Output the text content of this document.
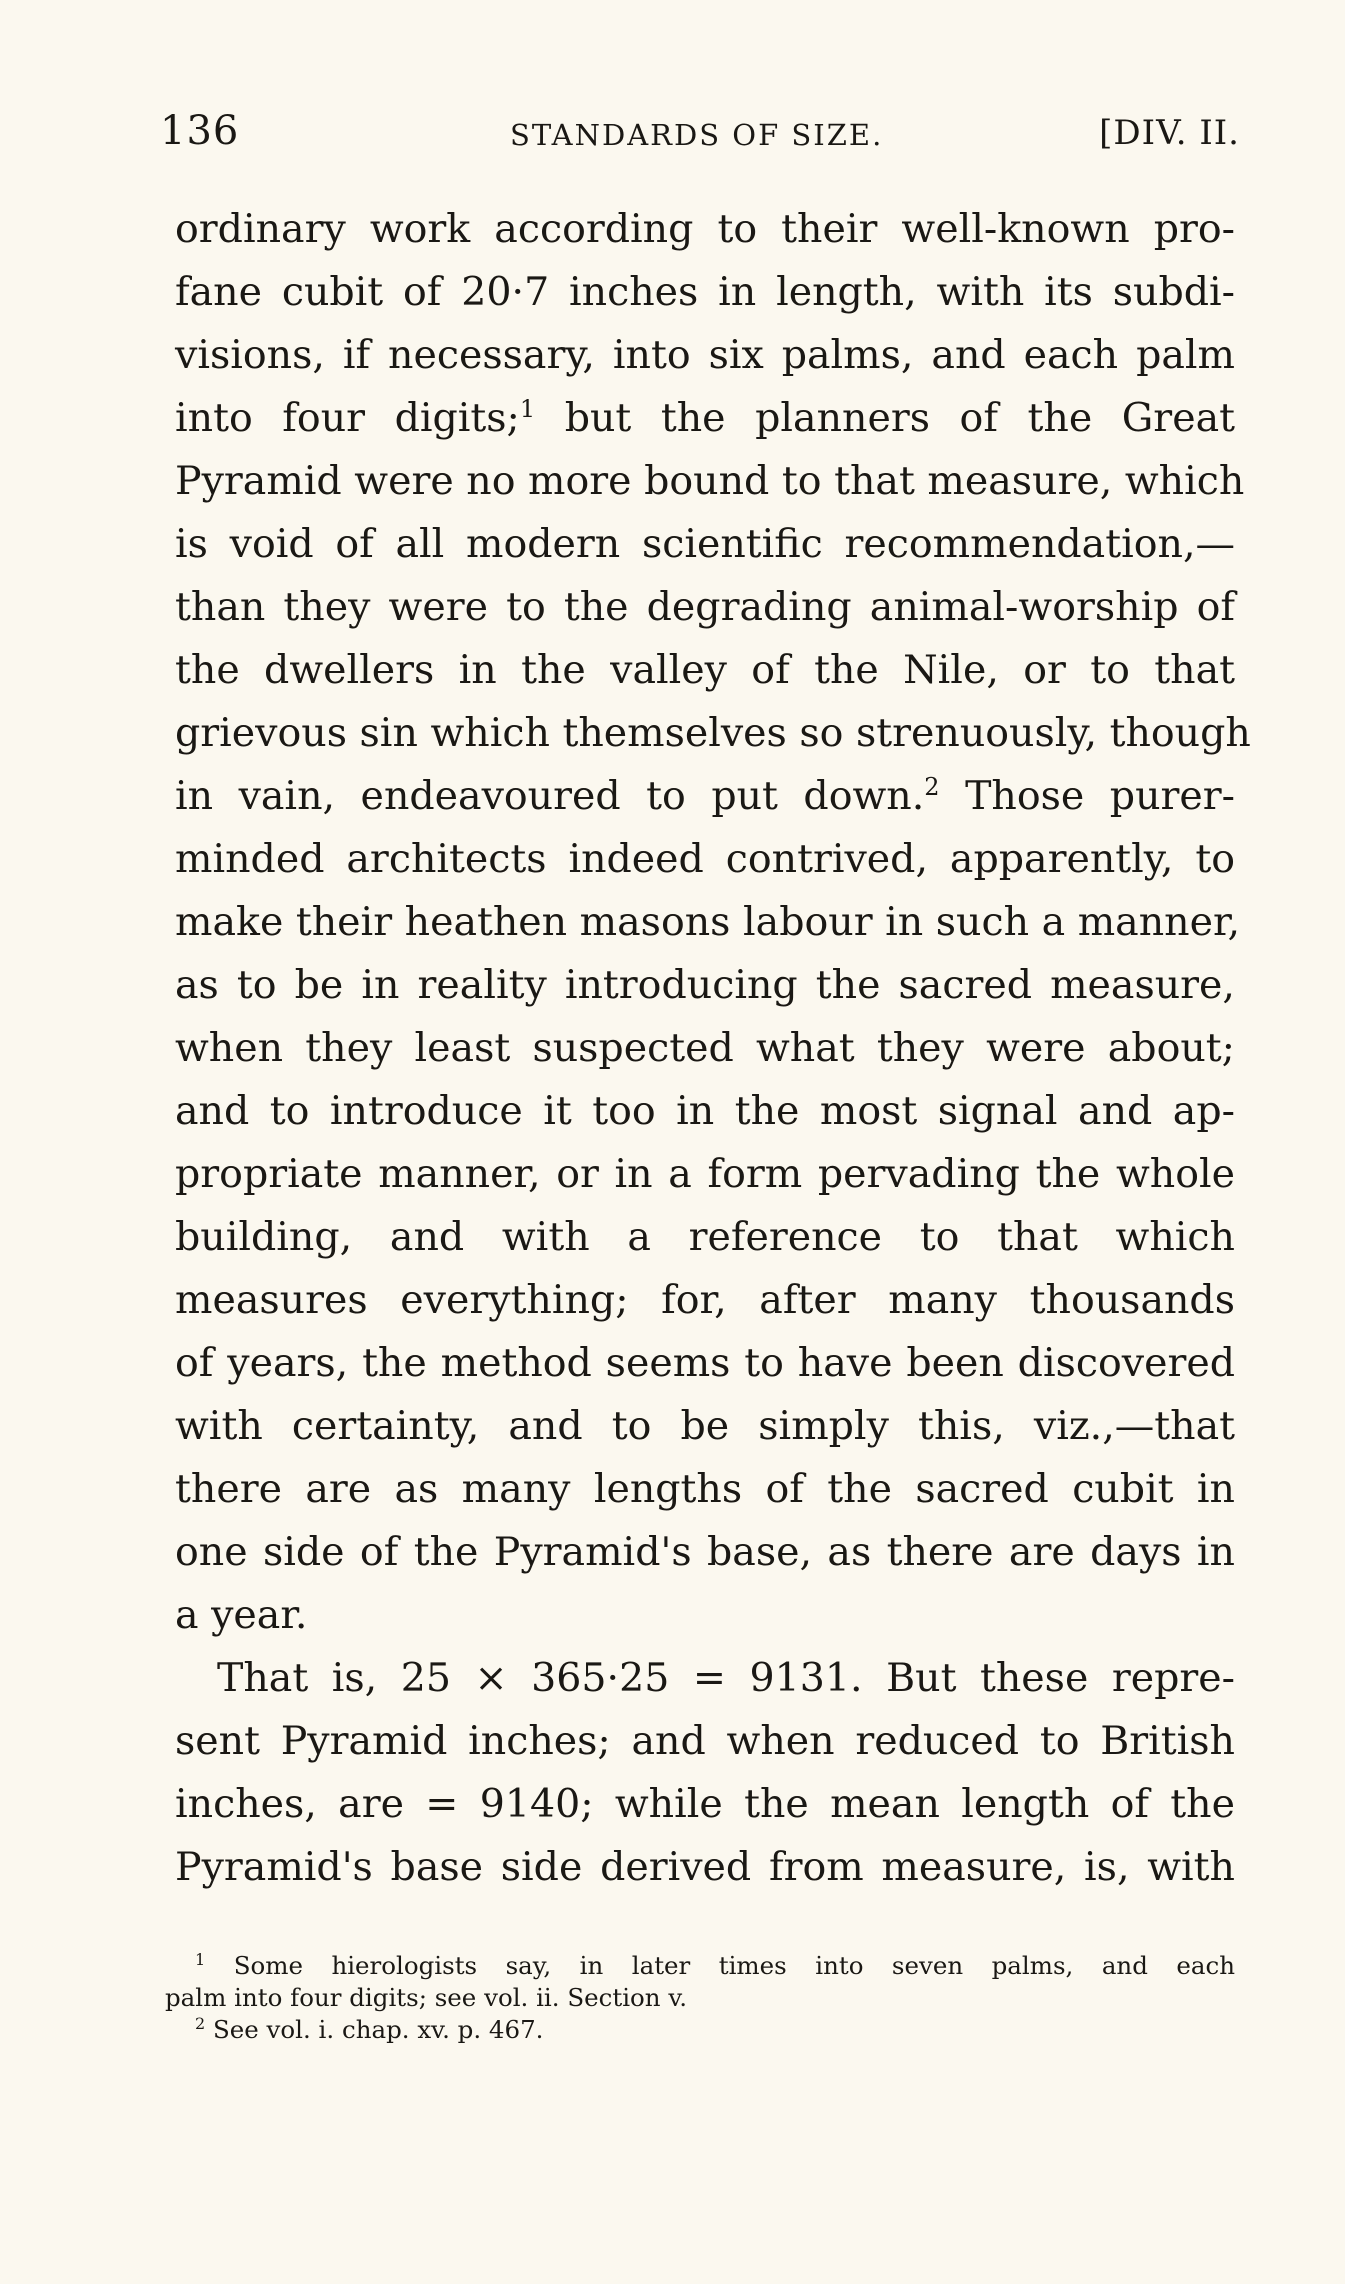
136	STANDARDS OF SIZE.	[DIV. II.
ordinary work according to their well-known pro-
fane cubit of 20·7 inches in length, with its subdi-
visions, if necessary, into six palms, and each palm
into four digits;$^1$ but the planners of the Great
Pyramid were no more bound to that measure, which
is void of all modern scientific recommendation,—
than they were to the degrading animal-worship of
the dwellers in the valley of the Nile, or to that
grievous sin which themselves so strenuously, though
in vain, endeavoured to put down.$^2$ Those purer-
minded architects indeed contrived, apparently, to
make their heathen masons labour in such a manner,
as to be in reality introducing the sacred measure,
when they least suspected what they were about;
and to introduce it too in the most signal and ap-
propriate manner, or in a form pervading the whole
building, and with a reference to that which
measures everything; for, after many thousands
of years, the method seems to have been discovered
with certainty, and to be simply this, viz.,—that
there are as many lengths of the sacred cubit in
one side of the Pyramid's base, as there are days in
a year.
That is, 25 × 365·25 = 9131. But these repre-
sent Pyramid inches; and when reduced to British
inches, are = 9140; while the mean length of the
Pyramid's base side derived from measure, is, with
$^1$ Some hierologists say, in later times into seven palms, and each
palm into four digits; see vol. ii. Section v.
$^2$ See vol. i. chap. xv. p. 467.
